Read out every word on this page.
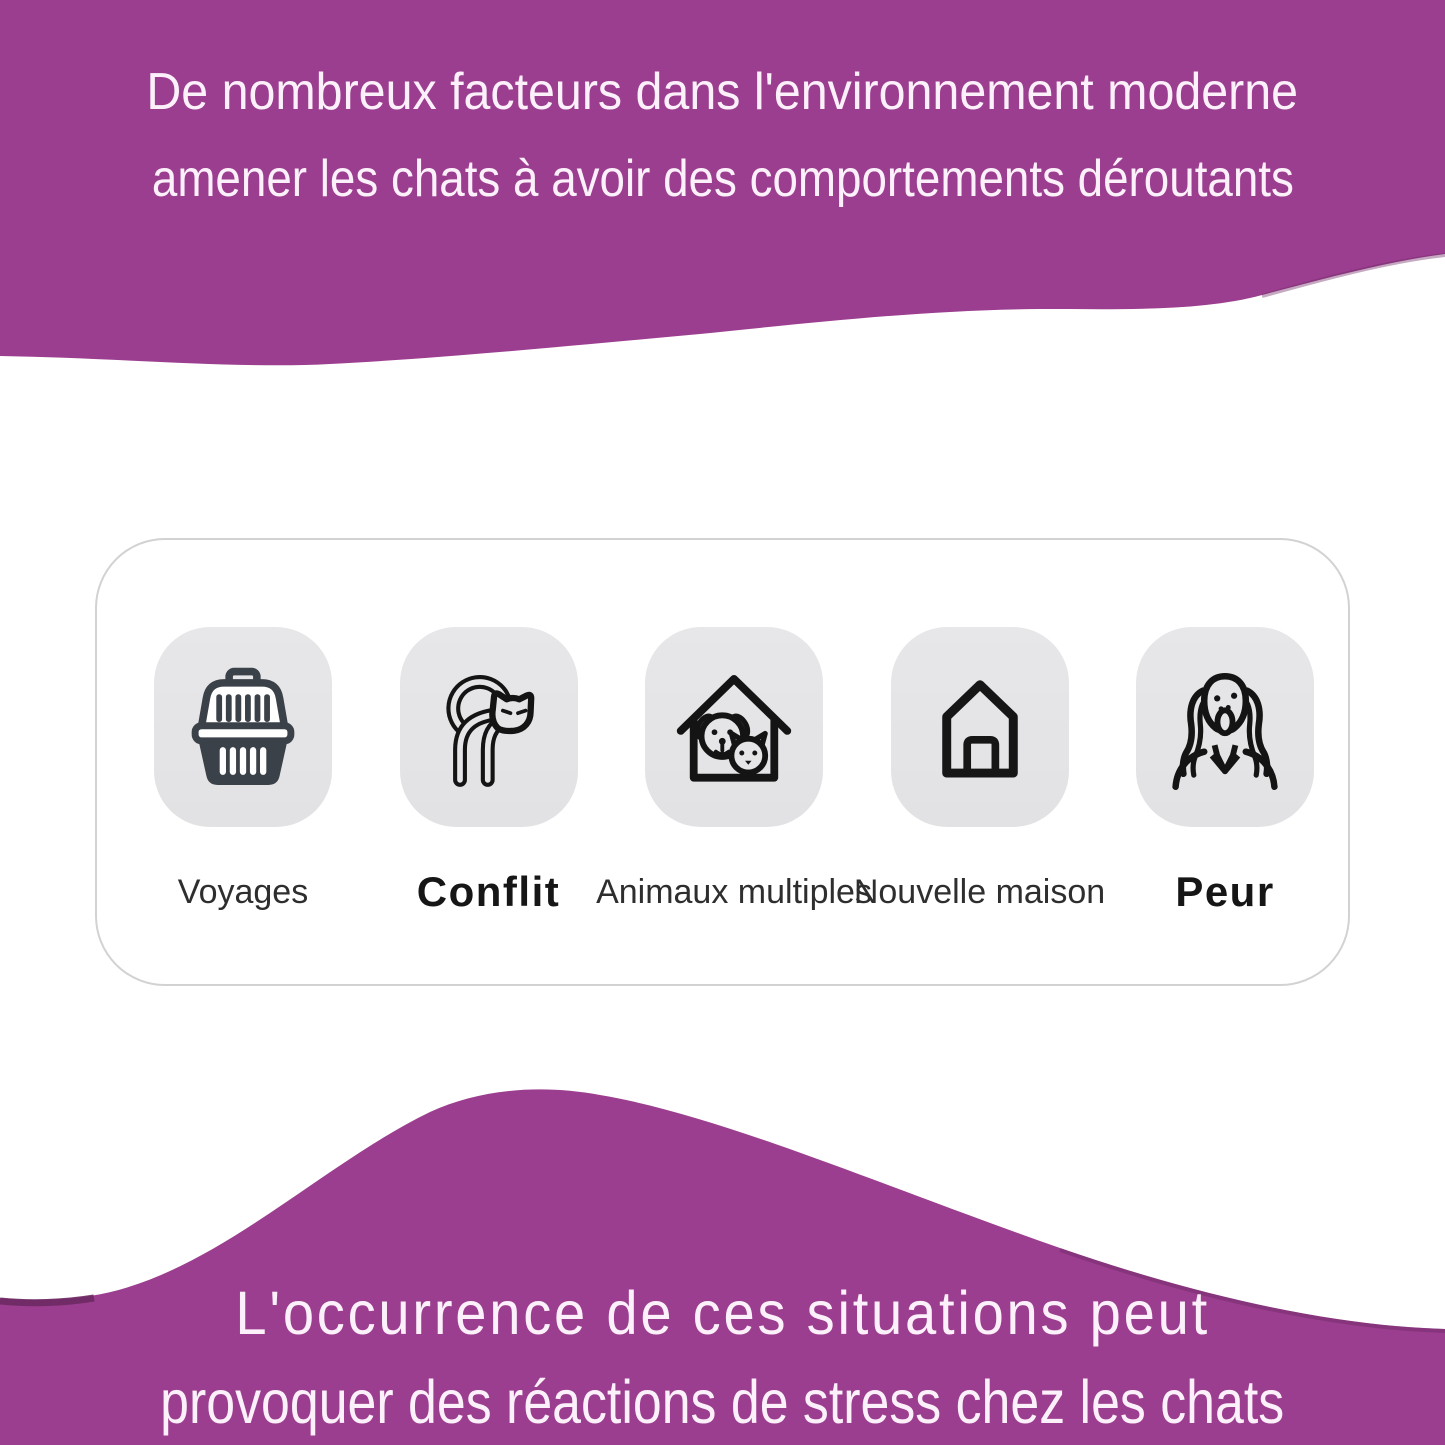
De nombreux facteurs dans l'environnement moderne
amener les chats à avoir des comportements déroutants
Voyages	Conflit Animaux multiples
Nouvelle maison Peur
L'occurrence de ces situations peut
provoquer des réactions de stress chez les chats
